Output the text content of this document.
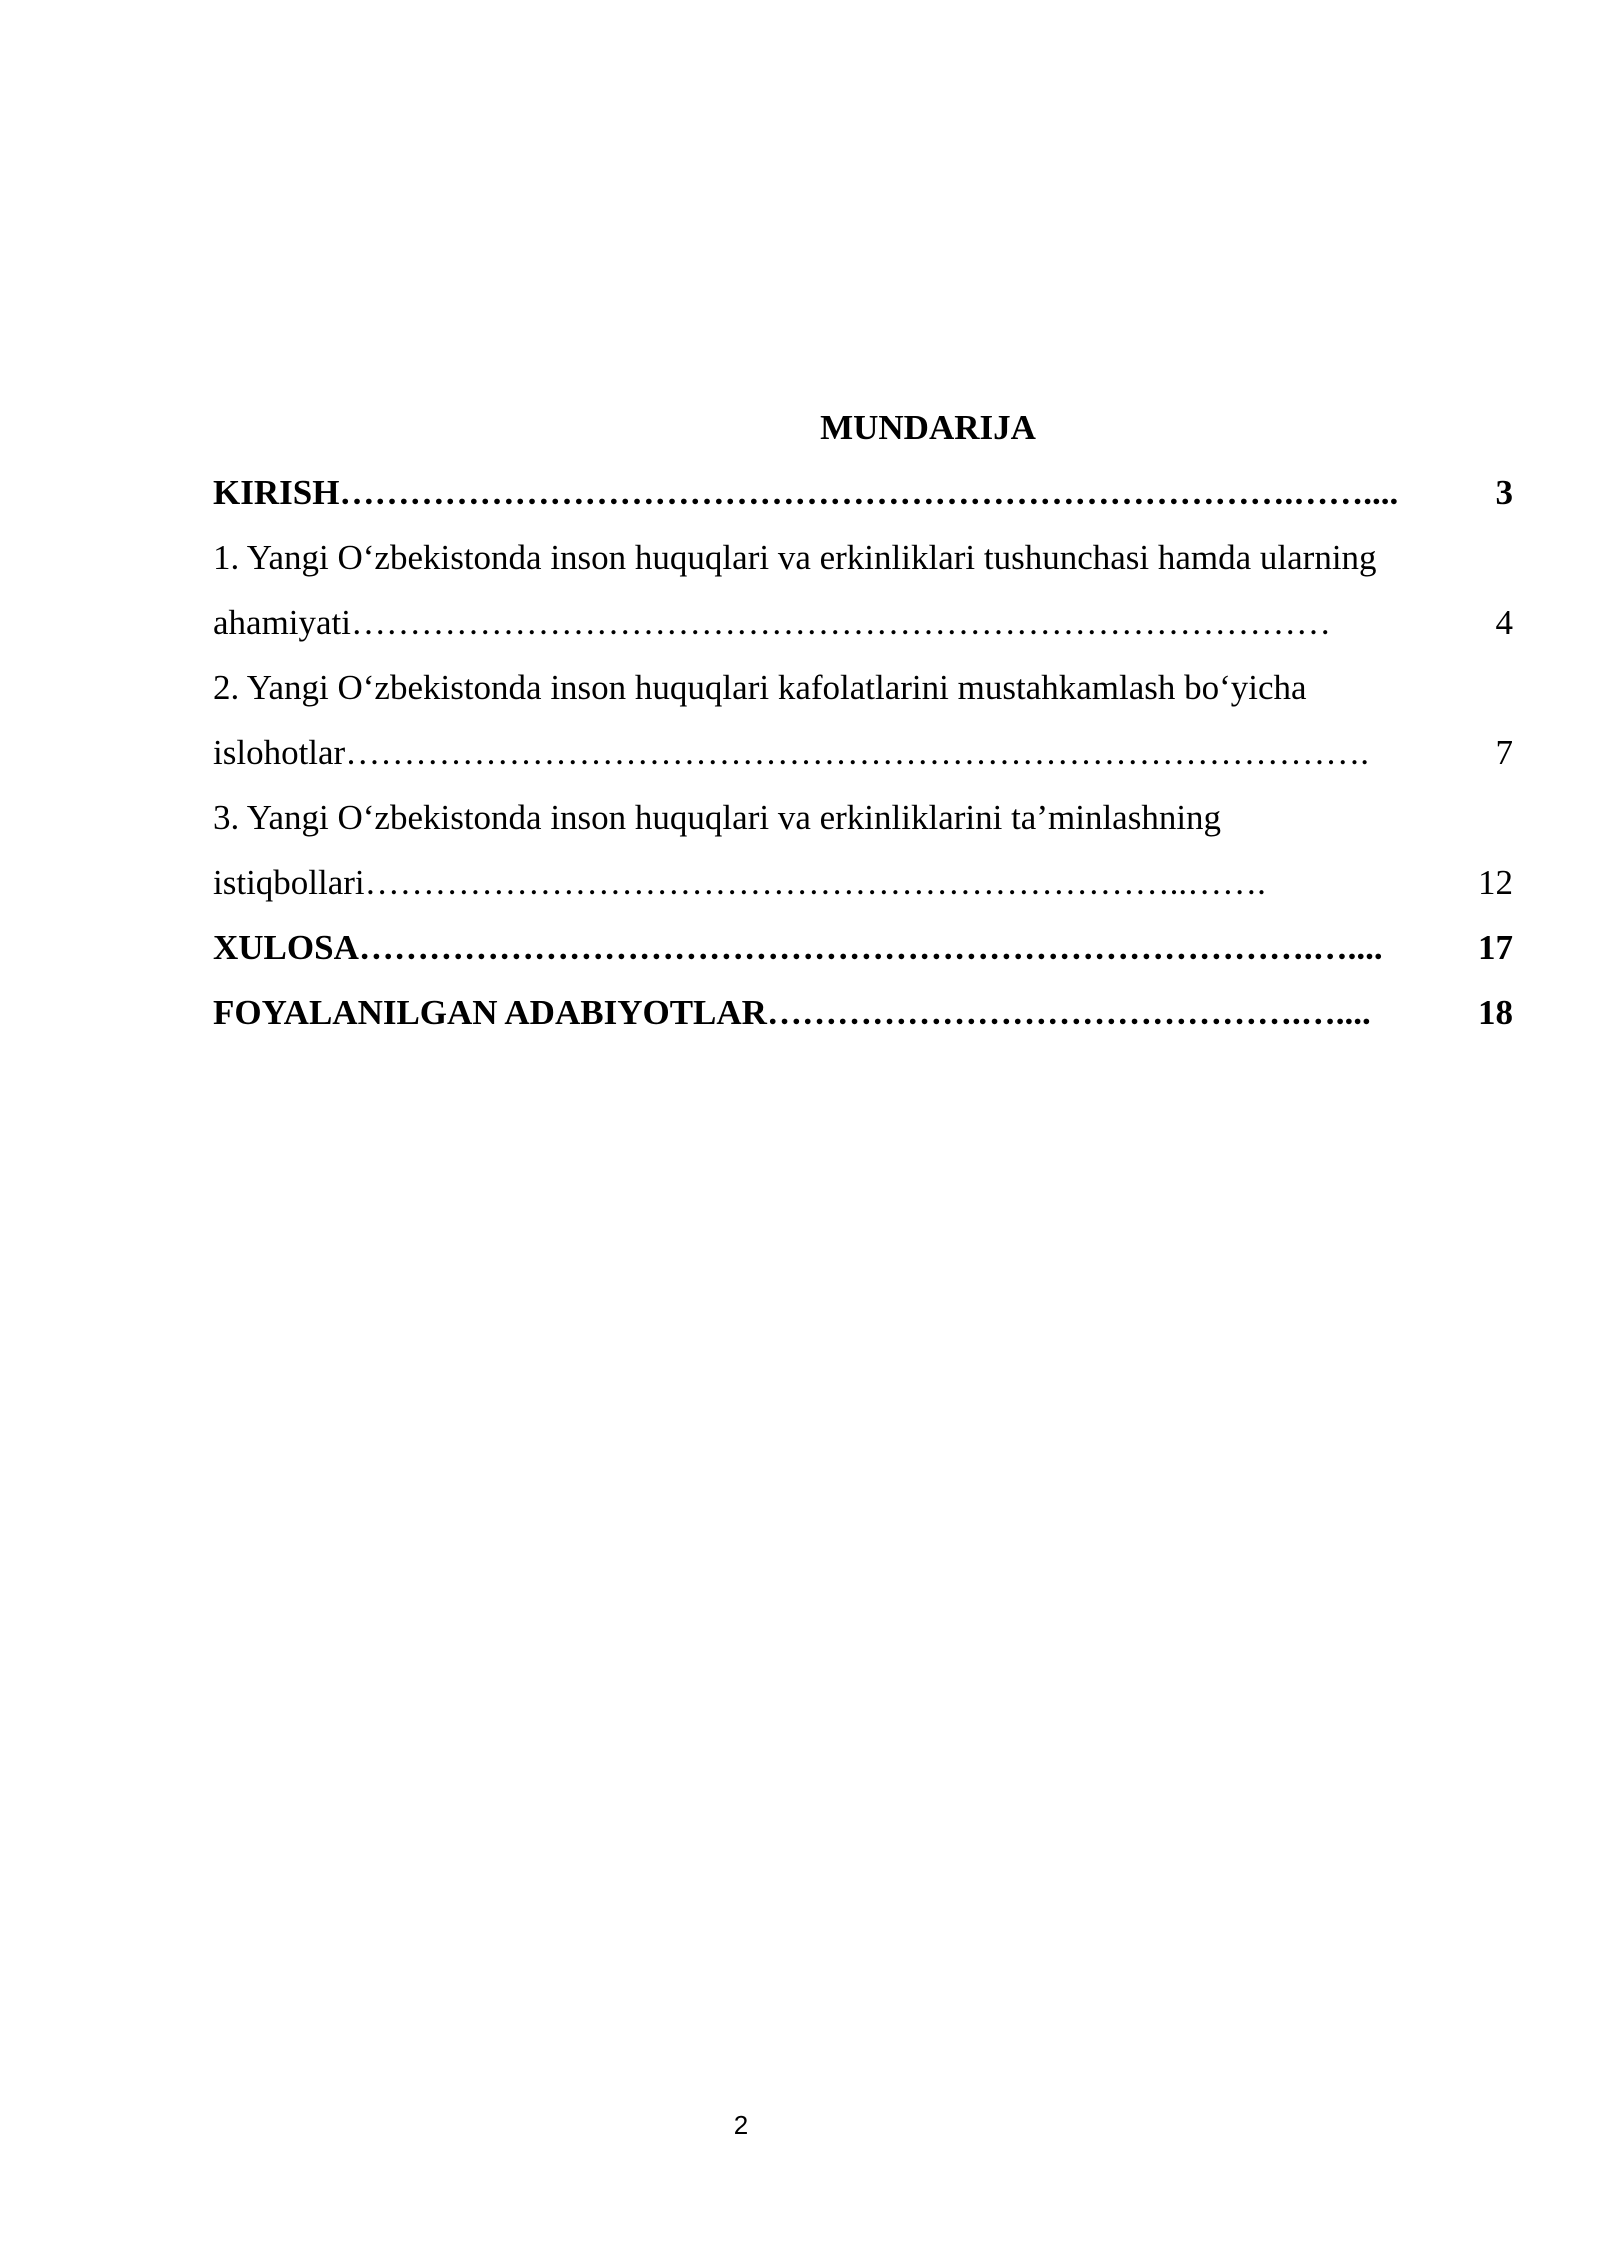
MUNDARIJA
KIRISH……………………………………………………………………….……....	3
1. Yangi O‘zbekistonda inson huquqlari va erkinliklari tushunchasi hamda ularning
ahamiyati…………………………………………………………………………	4
2. Yangi O‘zbekistonda inson huquqlari kafolatlarini mustahkamlash bo‘yicha
islohotlar…………………………………………………………………………….	7
3. Yangi O‘zbekistonda inson huquqlari va erkinliklarini ta’minlashning
istiqbollari……………………………………………………………..…….	12
XULOSA……………………………………………………………………….…....	17
FOYALANILGAN ADABIYOTLAR……………………………………….…....	18
2
